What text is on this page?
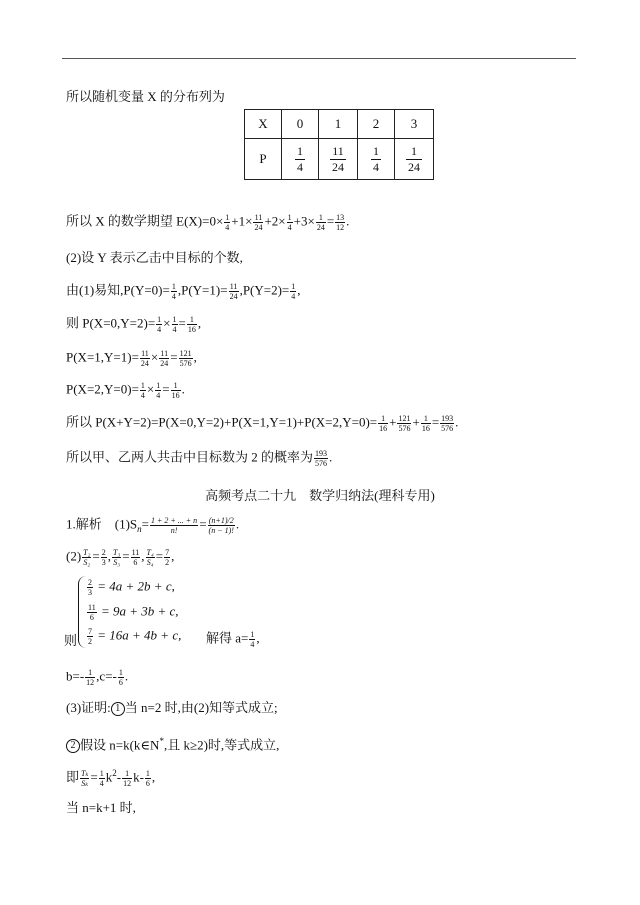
所以随机变量 X 的分布列为
X	0	1	2	3
P	$\frac{1}{4}$	$\frac{11}{24}$	$\frac{1}{4}$	$\frac{1}{24}$
所以 X 的数学期望 $E(X)=0\times \frac{1}{4} +1\times \frac{11}{24} +2\times \frac{1}{4} +3\times \frac{1}{24} = \frac{13}{12}$ .
(2)设 Y 表示乙击中目标的个数,
由(1)易知$,P(Y=0)= \frac{1}{4} ,P(Y=1)= \frac{11}{24} ,P(Y=2)= \frac{1}{4}$ ,
则 $P(X=0,Y=2)= \frac{1}{4} \times \frac{1}{4} = \frac{1}{16}$ ,
$P(X=1,Y=1)= \frac{11}{24} \times \frac{11}{24} = \frac{121}{576}$ ,
$P(X=2,Y=0)= \frac{1}{4} \times \frac{1}{4} = \frac{1}{16}$ .
所以 $P(X+Y=2)=P(X=0,Y=2)+P(X=1,Y=1)+P(X=2,Y=0)= \frac{1}{16} + \frac{121}{576} + \frac{1}{16} = \frac{193}{576}$ .
所以甲、乙两人共击中目标数为 2 的概率为 $\frac{193}{576}$ .
高频考点二十九　数学归纳法(理科专用)
1.解析　$(1)S_n= \frac{1 + 2 + ... + n}{n!} = \frac{(n+1)/2}{(n - 1)!}$ .
$(2) \frac{\text{T₂}}{\text{S₂}} = \frac{2}{3}$ , $\frac{\text{T₃}}{\text{S₃}} = \frac{11}{6}$ , $\frac{\text{T₄}}{\text{S₄}} = \frac{7}{2}$ ,
$\frac{2}{3} = 4a + 2b + c$,
$\frac{11}{6} = 9a + 3b + c$,
$\frac{7}{2} = 16a + 4b + c$,
则	解得 $a= \frac{1}{4}$ ,
$b=- \frac{1}{12} ,c=- \frac{1}{6}$ .
(3)证明: 1 当 n=2 时,由(2)知等式成立;
2 假设 n=k(k∈N*,且 k≥2)时,等式成立,
即 $\frac{\text{Tₖ}}{\text{Sₖ}} = \frac{1}{4} k^2- \frac{1}{12} k- \frac{1}{6}$ ,
当 n=k+1 时,
